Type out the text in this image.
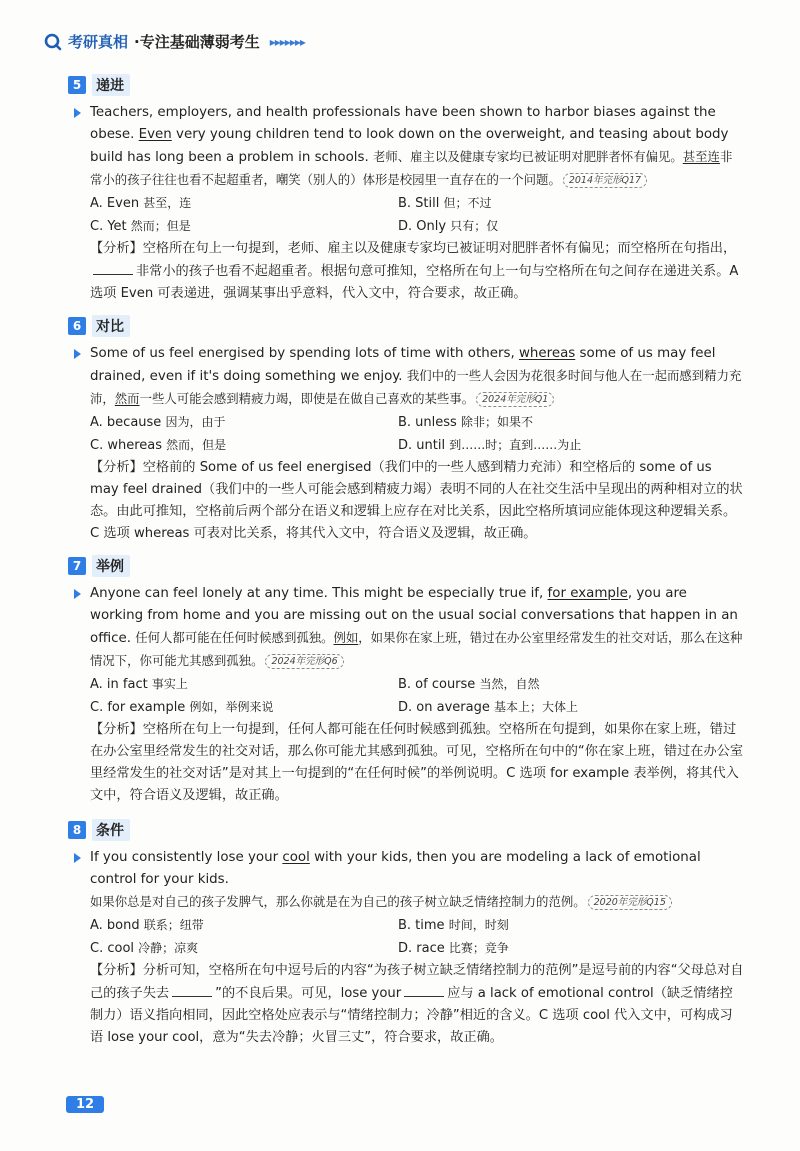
考研真相 ·专注基础薄弱考生 ▸▸▸▸▸▸▸
5	递进

Teachers, employers, and health professionals have been shown to harbor biases against the obese. Even very young children tend to look down on the overweight, and teasing about body build has long been a problem in schools. 老师、雇主以及健康专家均已被证明对肥胖者怀有偏见。甚至连非常小的孩子往往也看不起超重者，嘲笑（别人的）体形是校园里一直存在的一个问题。 2014年完形Q17

A. Even 甚至，连	B. Still 但；不过
C. Yet 然而；但是	D. Only 只有；仅

【分析】空格所在句上一句提到，老师、雇主以及健康专家均已被证明对肥胖者怀有偏见；而空格所在句指出，非常小的孩子也看不起超重者。根据句意可推知，空格所在句上一句与空格所在句之间存在递进关系。A 选项 Even 可表递进，强调某事出乎意料，代入文中，符合要求，故正确。

6	对比

Some of us feel energised by spending lots of time with others, whereas some of us may feel drained, even if it's doing something we enjoy. 我们中的一些人会因为花很多时间与他人在一起而感到精力充沛，然而一些人可能会感到精疲力竭，即使是在做自己喜欢的某些事。 2024年完形Q1

A. because 因为，由于	B. unless 除非；如果不
C. whereas 然而，但是	D. until 到……时；直到……为止

【分析】空格前的 Some of us feel energised（我们中的一些人感到精力充沛）和空格后的 some of us may feel drained（我们中的一些人可能会感到精疲力竭）表明不同的人在社交生活中呈现出的两种相对立的状态。由此可推知，空格前后两个部分在语义和逻辑上应存在对比关系，因此空格所填词应能体现这种逻辑关系。C 选项 whereas 可表对比关系，将其代入文中，符合语义及逻辑，故正确。

7	举例

Anyone can feel lonely at any time. This might be especially true if, for example, you are working from home and you are missing out on the usual social conversations that happen in an office. 任何人都可能在任何时候感到孤独。例如，如果你在家上班，错过在办公室里经常发生的社交对话，那么在这种情况下，你可能尤其感到孤独。 2024年完形Q6

A. in fact 事实上	B. of course 当然，自然
C. for example 例如，举例来说	D. on average 基本上；大体上

【分析】空格所在句上一句提到，任何人都可能在任何时候感到孤独。空格所在句提到，如果你在家上班，错过在办公室里经常发生的社交对话，那么你可能尤其感到孤独。可见，空格所在句中的“你在家上班，错过在办公室里经常发生的社交对话”是对其上一句提到的“在任何时候”的举例说明。C 选项 for example 表举例，将其代入文中，符合语义及逻辑，故正确。

8	条件

If you consistently lose your cool with your kids, then you are modeling a lack of emotional control for your kids.
如果你总是对自己的孩子发脾气，那么你就是在为自己的孩子树立缺乏情绪控制力的范例。 2020年完形Q15

A. bond 联系；纽带	B. time 时间，时刻
C. cool 冷静；凉爽	D. race 比赛；竞争

【分析】分析可知，空格所在句中逗号后的内容“为孩子树立缺乏情绪控制力的范例”是逗号前的内容“父母总对自己的孩子失去	”的不良后果。可见，lose your	应与 a lack of emotional control（缺乏情绪控制力）语义指向相同，因此空格处应表示与“情绪控制力；冷静”相近的含义。C 选项 cool 代入文中，可构成习语 lose your cool，意为“失去冷静；火冒三丈”，符合要求，故正确。

12
